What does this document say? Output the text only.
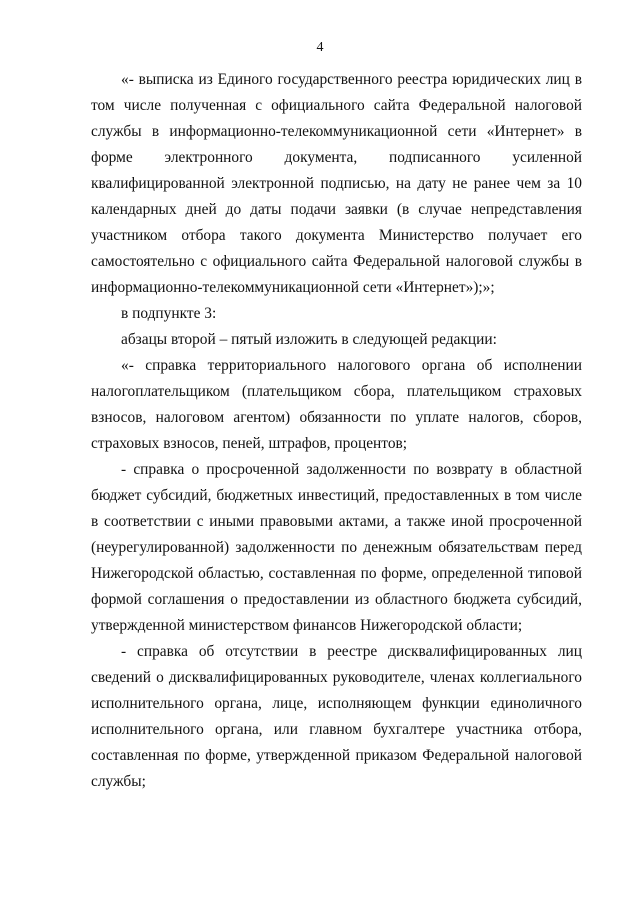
4

«- выписка из Единого государственного реестра юридических лиц в том числе полученная с официального сайта Федеральной налоговой службы в информационно-телекоммуникационной сети «Интернет» в форме электронного документа, подписанного усиленной квалифицированной электронной подписью, на дату не ранее чем за 10 календарных дней до даты подачи заявки (в случае непредставления участником отбора такого документа Министерство получает его самостоятельно с официального сайта Федеральной налоговой службы в информационно-телекоммуникационной сети «Интернет»);»;

в подпункте 3:

абзацы второй – пятый изложить в следующей редакции:

«- справка территориального налогового органа об исполнении налогоплательщиком (плательщиком сбора, плательщиком страховых взносов, налоговом агентом) обязанности по уплате налогов, сборов, страховых взносов, пеней, штрафов, процентов;

- справка о просроченной задолженности по возврату в областной бюджет субсидий, бюджетных инвестиций, предоставленных в том числе в соответствии с иными правовыми актами, а также иной просроченной (неурегулированной) задолженности по денежным обязательствам перед Нижегородской областью, составленная по форме, определенной типовой формой соглашения о предоставлении из областного бюджета субсидий, утвержденной министерством финансов Нижегородской области;

- справка об отсутствии в реестре дисквалифицированных лиц сведений о дисквалифицированных руководителе, членах коллегиального исполнительного органа, лице, исполняющем функции единоличного исполнительного органа, или главном бухгалтере участника отбора, составленная по форме, утвержденной приказом Федеральной налоговой службы;
